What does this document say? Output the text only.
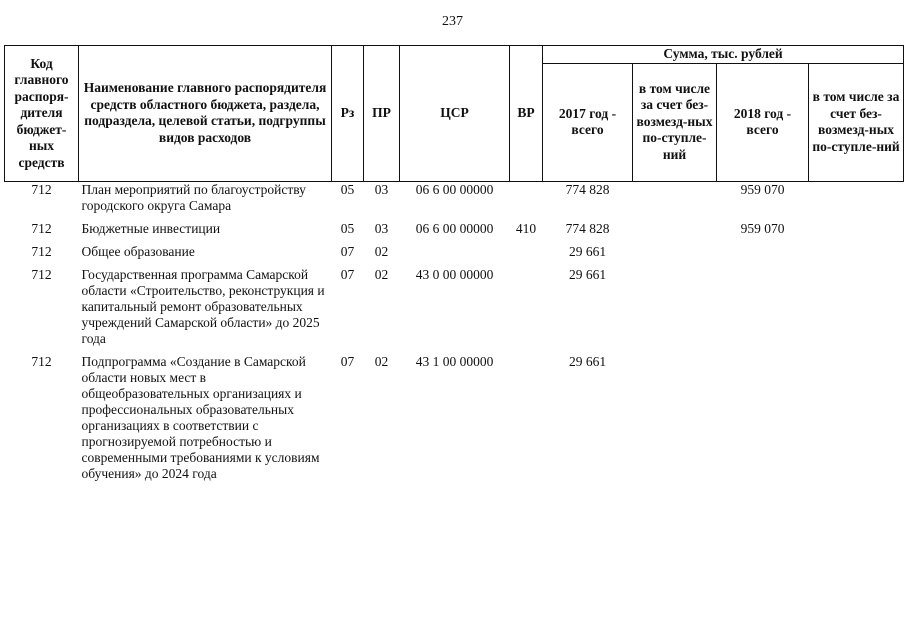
237
Код главного распоря-дителя бюджет-ных средств	Наименование главного распорядителя средств областного бюджета, раздела, подраздела, целевой статьи, подгруппы видов расходов	Рз	ПР	ЦСР	ВР	Сумма, тыс. рублей			
						2017 год - всего	в том числе за счет без-возмезд-ных по-ступле-ний	2018 год - всего	в том числе за счет без-возмезд-ных по-ступле-ний
712	План мероприятий по благоустройству городского округа Самара	05	03	06 6 00 00000		774 828		959 070	
712	Бюджетные инвестиции	05	03	06 6 00 00000	410	774 828		959 070	
712	Общее образование	07	02			29 661			
712	Государственная программа Самарской области «Строительство, реконструкция и капитальный ремонт образовательных учреждений Самарской области» до 2025 года	07	02	43 0 00 00000		29 661			
712	Подпрограмма «Создание в Самарской области новых мест в общеобразовательных организациях и профессиональных образовательных организациях в соответствии с прогнозируемой потребностью и современными требованиями к условиям обучения» до 2024 года	07	02	43 1 00 00000		29 661			
